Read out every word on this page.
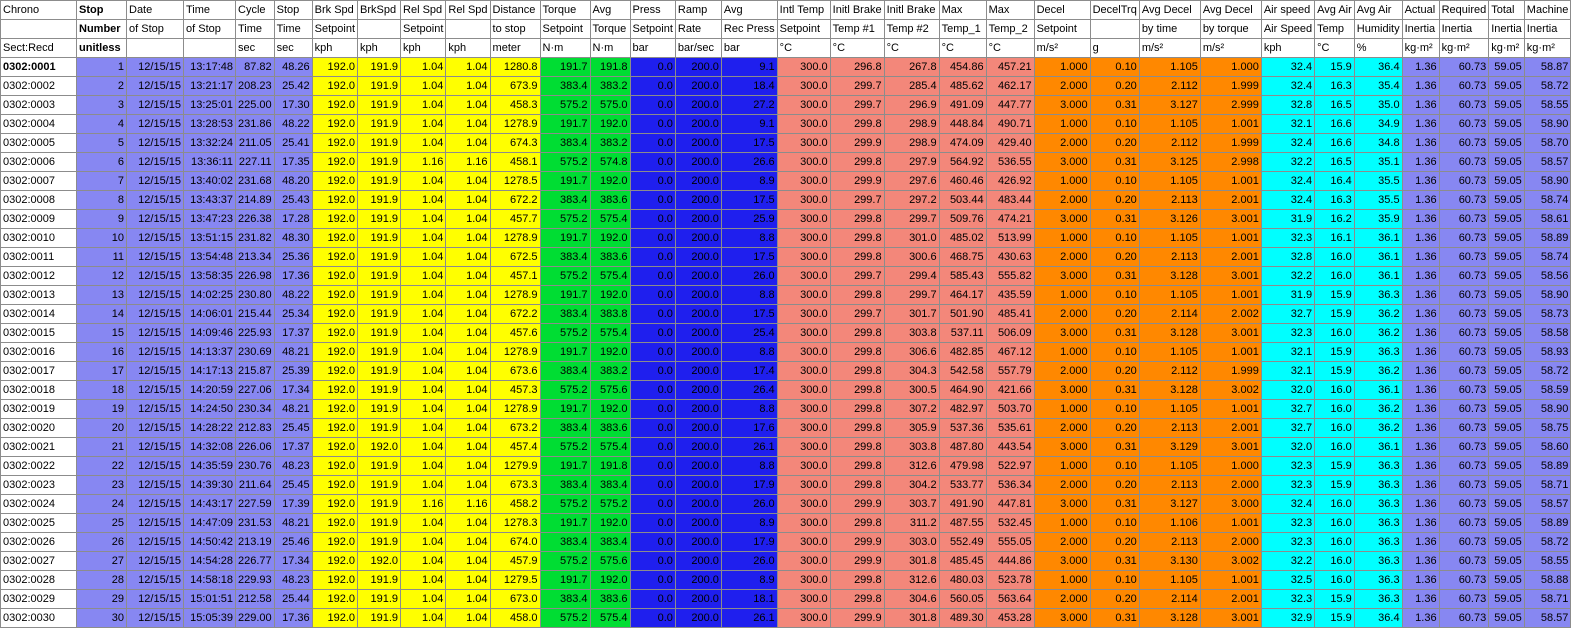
Chrono	Stop	Date	Time	Cycle	Stop	Brk Spd	BrkSpd	Rel Spd	Rel Spd	Distance	Torque	Avg	Press	Ramp	Avg	Intl Temp	Initl Brake	Initl Brake	Max	Max	Decel	DecelTrq	Avg Decel	Avg Decel	Air speed	Avg Air	Avg Air	Actual	Required	Total	Machine
	Number	of Stop	of Stop	Time	Time	Setpoint		Setpoint		to stop	Setpoint	Torque	Setpoint	Rate	Rec Press	Setpoint	Temp #1	Temp #2	Temp_1	Temp_2	Setpoint		by time	by torque	Air Speed	Temp	Humidity	Inertia	Inertia	Inertia	Inertia
Sect:Recd	unitless			sec	sec	kph	kph	kph	kph	meter	N·m	N·m	bar	bar/sec	bar	°C	°C	°C	°C	°C	m/s²	g	m/s²	m/s²	kph	°C	%	kg·m²	kg·m²	kg·m²	kg·m²
0302:0001	1	12/15/15	13:17:48	87.82	48.26	192.0	191.9	1.04	1.04	1280.8	191.7	191.8	0.0	200.0	9.1	300.0	296.8	267.8	454.86	457.21	1.000	0.10	1.105	1.000	32.4	15.9	36.4	1.36	60.73	59.05	58.87
0302:0002	2	12/15/15	13:21:17	208.23	25.42	192.0	191.9	1.04	1.04	673.9	383.4	383.2	0.0	200.0	18.4	300.0	299.7	285.4	485.62	462.17	2.000	0.20	2.112	1.999	32.4	16.3	35.4	1.36	60.73	59.05	58.72
0302:0003	3	12/15/15	13:25:01	225.00	17.30	192.0	191.9	1.04	1.04	458.3	575.2	575.0	0.0	200.0	27.2	300.0	299.7	296.9	491.09	447.77	3.000	0.31	3.127	2.999	32.8	16.5	35.0	1.36	60.73	59.05	58.55
0302:0004	4	12/15/15	13:28:53	231.86	48.22	192.0	191.9	1.04	1.04	1278.9	191.7	192.0	0.0	200.0	9.1	300.0	299.8	298.9	448.84	490.71	1.000	0.10	1.105	1.001	32.1	16.6	34.9	1.36	60.73	59.05	58.90
0302:0005	5	12/15/15	13:32:24	211.05	25.41	192.0	191.9	1.04	1.04	674.3	383.4	383.2	0.0	200.0	17.5	300.0	299.9	298.9	474.09	429.40	2.000	0.20	2.112	1.999	32.4	16.6	34.8	1.36	60.73	59.05	58.70
0302:0006	6	12/15/15	13:36:11	227.11	17.35	192.0	191.9	1.16	1.16	458.1	575.2	574.8	0.0	200.0	26.6	300.0	299.8	297.9	564.92	536.55	3.000	0.31	3.125	2.998	32.2	16.5	35.1	1.36	60.73	59.05	58.57
0302:0007	7	12/15/15	13:40:02	231.68	48.20	192.0	191.9	1.04	1.04	1278.5	191.7	192.0	0.0	200.0	8.9	300.0	299.9	297.6	460.46	426.92	1.000	0.10	1.105	1.001	32.4	16.4	35.5	1.36	60.73	59.05	58.90
0302:0008	8	12/15/15	13:43:37	214.89	25.43	192.0	191.9	1.04	1.04	672.2	383.4	383.6	0.0	200.0	17.5	300.0	299.7	297.2	503.44	483.44	2.000	0.20	2.113	2.001	32.4	16.3	35.5	1.36	60.73	59.05	58.74
0302:0009	9	12/15/15	13:47:23	226.38	17.28	192.0	191.9	1.04	1.04	457.7	575.2	575.4	0.0	200.0	25.9	300.0	299.8	299.7	509.76	474.21	3.000	0.31	3.126	3.001	31.9	16.2	35.9	1.36	60.73	59.05	58.61
0302:0010	10	12/15/15	13:51:15	231.82	48.30	192.0	191.9	1.04	1.04	1278.9	191.7	192.0	0.0	200.0	8.8	300.0	299.8	301.0	485.02	513.99	1.000	0.10	1.105	1.001	32.3	16.1	36.1	1.36	60.73	59.05	58.89
0302:0011	11	12/15/15	13:54:48	213.34	25.36	192.0	191.9	1.04	1.04	672.5	383.4	383.6	0.0	200.0	17.5	300.0	299.8	300.6	468.75	430.63	2.000	0.20	2.113	2.001	32.8	16.0	36.1	1.36	60.73	59.05	58.74
0302:0012	12	12/15/15	13:58:35	226.98	17.36	192.0	191.9	1.04	1.04	457.1	575.2	575.4	0.0	200.0	26.0	300.0	299.7	299.4	585.43	555.82	3.000	0.31	3.128	3.001	32.2	16.0	36.1	1.36	60.73	59.05	58.56
0302:0013	13	12/15/15	14:02:25	230.80	48.22	192.0	191.9	1.04	1.04	1278.9	191.7	192.0	0.0	200.0	8.8	300.0	299.8	299.7	464.17	435.59	1.000	0.10	1.105	1.001	31.9	15.9	36.3	1.36	60.73	59.05	58.90
0302:0014	14	12/15/15	14:06:01	215.44	25.34	192.0	191.9	1.04	1.04	672.2	383.4	383.8	0.0	200.0	17.5	300.0	299.7	301.7	501.90	485.41	2.000	0.20	2.114	2.002	32.7	15.9	36.2	1.36	60.73	59.05	58.73
0302:0015	15	12/15/15	14:09:46	225.93	17.37	192.0	191.9	1.04	1.04	457.6	575.2	575.4	0.0	200.0	25.4	300.0	299.8	303.8	537.11	506.09	3.000	0.31	3.128	3.001	32.3	16.0	36.2	1.36	60.73	59.05	58.58
0302:0016	16	12/15/15	14:13:37	230.69	48.21	192.0	191.9	1.04	1.04	1278.9	191.7	192.0	0.0	200.0	8.8	300.0	299.8	306.6	482.85	467.12	1.000	0.10	1.105	1.001	32.1	15.9	36.3	1.36	60.73	59.05	58.93
0302:0017	17	12/15/15	14:17:13	215.87	25.39	192.0	191.9	1.04	1.04	673.6	383.4	383.2	0.0	200.0	17.4	300.0	299.8	304.3	542.58	557.79	2.000	0.20	2.112	1.999	32.1	15.9	36.2	1.36	60.73	59.05	58.72
0302:0018	18	12/15/15	14:20:59	227.06	17.34	192.0	191.9	1.04	1.04	457.3	575.2	575.6	0.0	200.0	26.4	300.0	299.8	300.5	464.90	421.66	3.000	0.31	3.128	3.002	32.0	16.0	36.1	1.36	60.73	59.05	58.59
0302:0019	19	12/15/15	14:24:50	230.34	48.21	192.0	191.9	1.04	1.04	1278.9	191.7	192.0	0.0	200.0	8.8	300.0	299.8	307.2	482.97	503.70	1.000	0.10	1.105	1.001	32.7	16.0	36.2	1.36	60.73	59.05	58.90
0302:0020	20	12/15/15	14:28:22	212.83	25.45	192.0	191.9	1.04	1.04	673.2	383.4	383.6	0.0	200.0	17.6	300.0	299.8	305.9	537.36	535.61	2.000	0.20	2.113	2.001	32.7	16.0	36.2	1.36	60.73	59.05	58.75
0302:0021	21	12/15/15	14:32:08	226.06	17.37	192.0	192.0	1.04	1.04	457.4	575.2	575.4	0.0	200.0	26.1	300.0	299.8	303.8	487.80	443.54	3.000	0.31	3.129	3.001	32.0	16.0	36.1	1.36	60.73	59.05	58.60
0302:0022	22	12/15/15	14:35:59	230.76	48.23	192.0	191.9	1.04	1.04	1279.9	191.7	191.8	0.0	200.0	8.8	300.0	299.8	312.6	479.98	522.97	1.000	0.10	1.105	1.000	32.3	15.9	36.3	1.36	60.73	59.05	58.89
0302:0023	23	12/15/15	14:39:30	211.64	25.45	192.0	191.9	1.04	1.04	673.3	383.4	383.4	0.0	200.0	17.9	300.0	299.8	304.2	533.77	536.34	2.000	0.20	2.113	2.000	32.3	15.9	36.3	1.36	60.73	59.05	58.71
0302:0024	24	12/15/15	14:43:17	227.59	17.39	192.0	191.9	1.16	1.16	458.2	575.2	575.2	0.0	200.0	26.0	300.0	299.9	303.7	491.90	447.81	3.000	0.31	3.127	3.000	32.4	16.0	36.3	1.36	60.73	59.05	58.57
0302:0025	25	12/15/15	14:47:09	231.53	48.21	192.0	191.9	1.04	1.04	1278.3	191.7	192.0	0.0	200.0	8.9	300.0	299.8	311.2	487.55	532.45	1.000	0.10	1.106	1.001	32.3	16.0	36.3	1.36	60.73	59.05	58.89
0302:0026	26	12/15/15	14:50:42	213.19	25.46	192.0	191.9	1.04	1.04	674.0	383.4	383.4	0.0	200.0	17.9	300.0	299.9	303.0	552.49	555.05	2.000	0.20	2.113	2.000	32.3	16.0	36.3	1.36	60.73	59.05	58.72
0302:0027	27	12/15/15	14:54:28	226.77	17.34	192.0	192.0	1.04	1.04	457.9	575.2	575.6	0.0	200.0	26.0	300.0	299.9	301.8	485.45	444.86	3.000	0.31	3.130	3.002	32.2	16.0	36.3	1.36	60.73	59.05	58.55
0302:0028	28	12/15/15	14:58:18	229.93	48.23	192.0	191.9	1.04	1.04	1279.5	191.7	192.0	0.0	200.0	8.9	300.0	299.8	312.6	480.03	523.78	1.000	0.10	1.105	1.001	32.5	16.0	36.3	1.36	60.73	59.05	58.88
0302:0029	29	12/15/15	15:01:51	212.58	25.44	192.0	191.9	1.04	1.04	673.0	383.4	383.6	0.0	200.0	18.1	300.0	299.8	304.6	560.05	563.64	2.000	0.20	2.114	2.001	32.3	15.9	36.3	1.36	60.73	59.05	58.71
0302:0030	30	12/15/15	15:05:39	229.00	17.36	192.0	191.9	1.04	1.04	458.0	575.2	575.4	0.0	200.0	26.1	300.0	299.9	301.8	489.30	453.28	3.000	0.31	3.128	3.001	32.9	15.9	36.4	1.36	60.73	59.05	58.57
